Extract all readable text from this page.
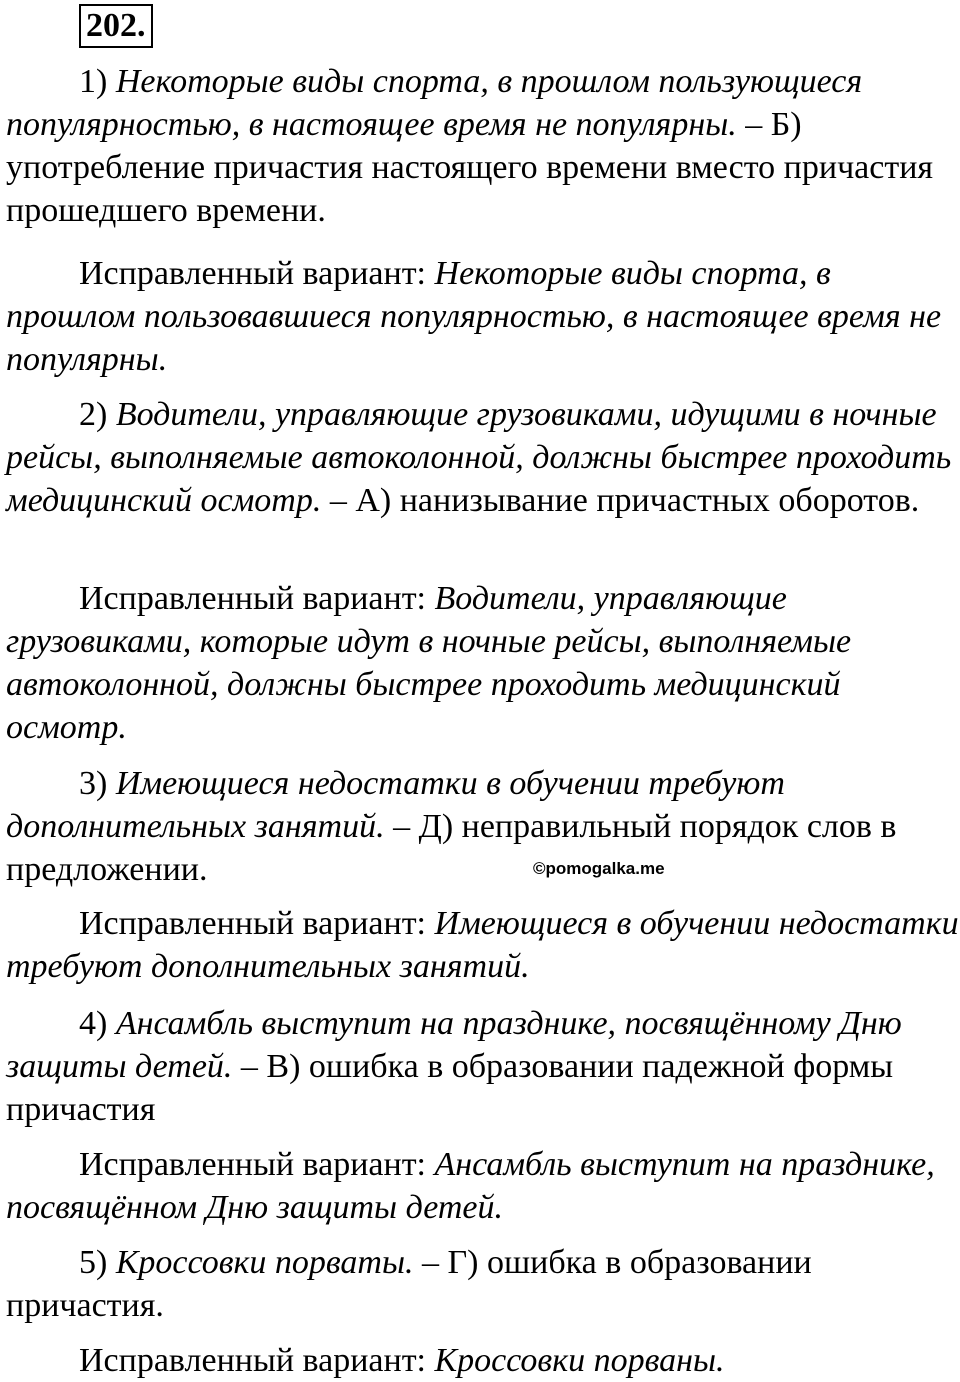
202.
1) Некоторые виды спорта, в прошлом пользующиеся популярностью, в настоящее время не популярны. – Б) употребление причастия настоящего времени вместо причастия прошедшего времени.
Исправленный вариант: Некоторые виды спорта, в прошлом пользовавшиеся популярностью, в настоящее время не популярны.
2) Водители, управляющие грузовиками, идущими в ночные рейсы, выполняемые автоколонной, должны быстрее проходить медицинский осмотр. – А) нанизывание причастных оборотов.
Исправленный вариант: Водители, управляющие грузовиками, которые идут в ночные рейсы, выполняемые автоколонной, должны быстрее проходить медицинский осмотр.
3) Имеющиеся недостатки в обучении требуют дополнительных занятий. – Д) неправильный порядок слов в предложении.
Исправленный вариант: Имеющиеся в обучении недостатки требуют дополнительных занятий.
4) Ансамбль выступит на празднике, посвящённому Дню защиты детей. – В) ошибка в образовании падежной формы причастия
Исправленный вариант: Ансамбль выступит на празднике, посвящённом Дню защиты детей.
5) Кроссовки порваты. – Г) ошибка в образовании причастия.
Исправленный вариант: Кроссовки порваны.
©pomogalka.me
